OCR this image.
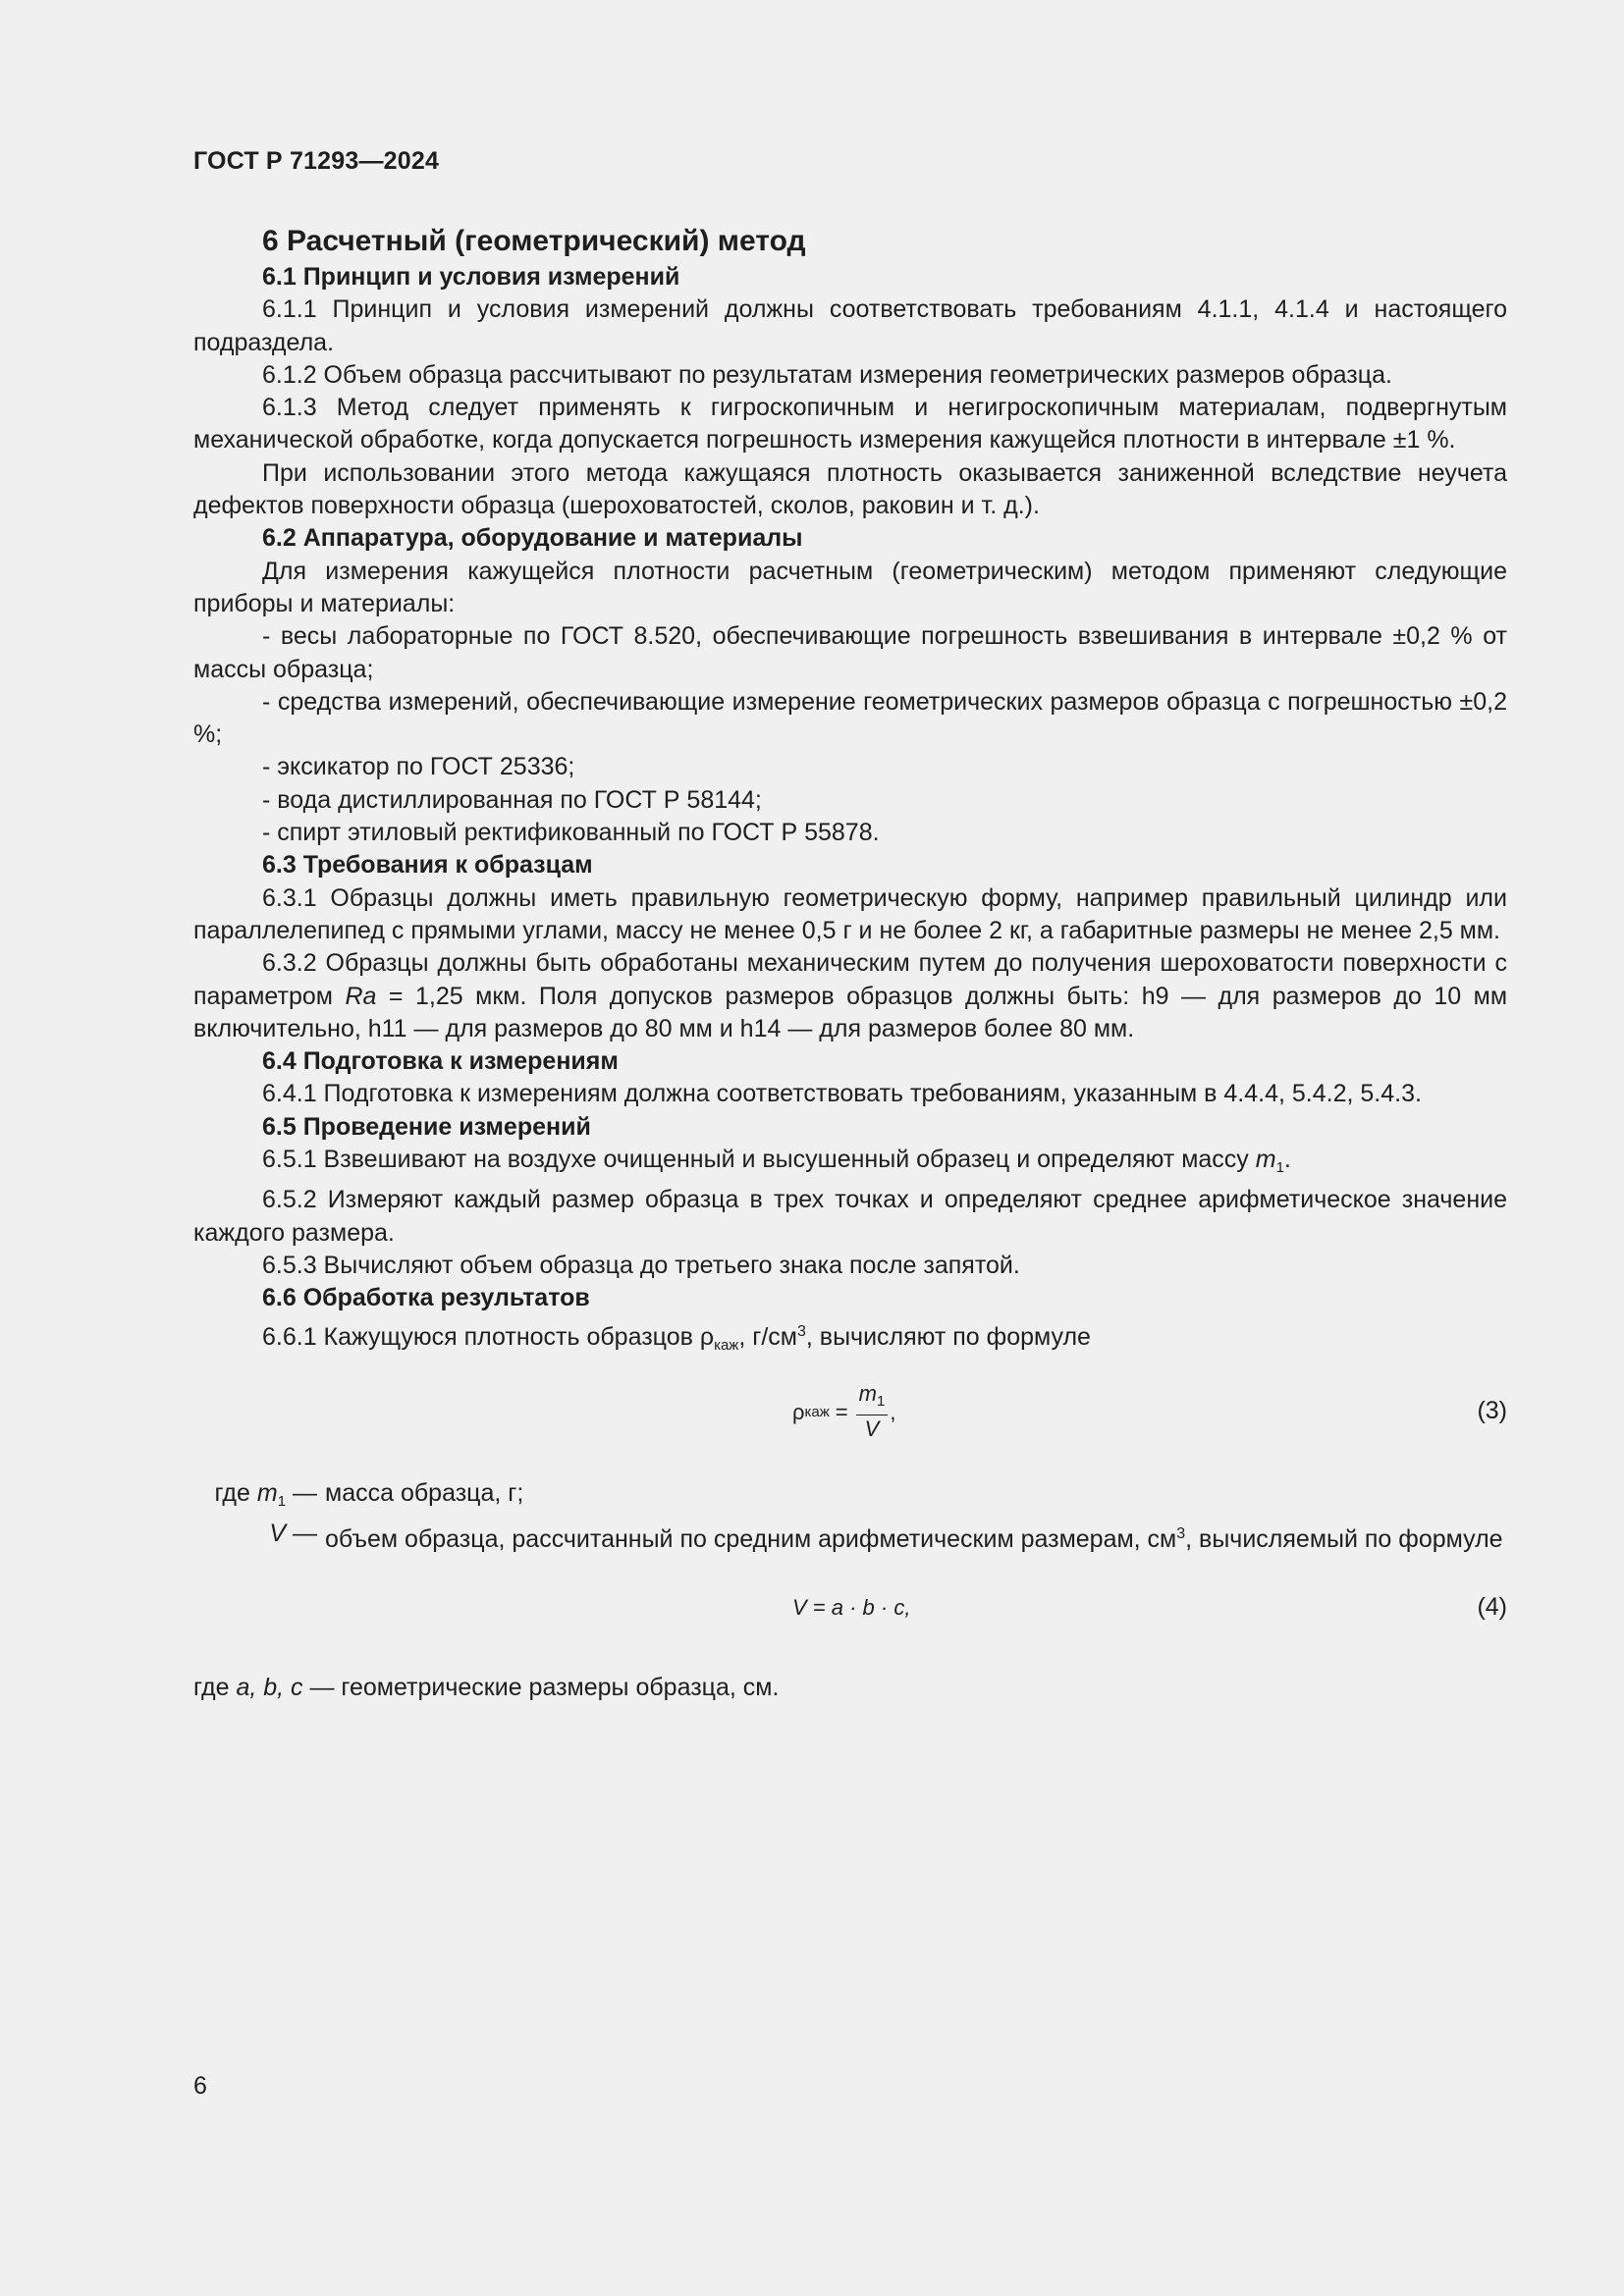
ГОСТ Р 71293—2024

6 Расчетный (геометрический) метод

6.1 Принцип и условия измерений

6.1.1 Принцип и условия измерений должны соответствовать требованиям 4.1.1, 4.1.4 и настоящего подраздела.

6.1.2 Объем образца рассчитывают по результатам измерения геометрических размеров образца.

6.1.3 Метод следует применять к гигроскопичным и негигроскопичным материалам, подвергнутым механической обработке, когда допускается погрешность измерения кажущейся плотности в интервале ±1 %.

При использовании этого метода кажущаяся плотность оказывается заниженной вследствие неучета дефектов поверхности образца (шероховатостей, сколов, раковин и т. д.).

6.2 Аппаратура, оборудование и материалы

Для измерения кажущейся плотности расчетным (геометрическим) методом применяют следующие приборы и материалы:

- весы лабораторные по ГОСТ 8.520, обеспечивающие погрешность взвешивания в интервале ±0,2 % от массы образца;

- средства измерений, обеспечивающие измерение геометрических размеров образца с погрешностью ±0,2 %;

- эксикатор по ГОСТ 25336;

- вода дистиллированная по ГОСТ Р 58144;

- спирт этиловый ректификованный по ГОСТ Р 55878.

6.3 Требования к образцам

6.3.1 Образцы должны иметь правильную геометрическую форму, например правильный цилиндр или параллелепипед с прямыми углами, массу не менее 0,5 г и не более 2 кг, а габаритные размеры не менее 2,5 мм.

6.3.2 Образцы должны быть обработаны механическим путем до получения шероховатости поверхности с параметром Ra = 1,25 мкм. Поля допусков размеров образцов должны быть: h9 — для размеров до 10 мм включительно, h11 — для размеров до 80 мм и h14 — для размеров более 80 мм.

6.4 Подготовка к измерениям

6.4.1 Подготовка к измерениям должна соответствовать требованиям, указанным в 4.4.4, 5.4.2, 5.4.3.

6.5 Проведение измерений

6.5.1 Взвешивают на воздухе очищенный и высушенный образец и определяют массу $m_1$.

6.5.2 Измеряют каждый размер образца в трех точках и определяют среднее арифметическое значение каждого размера.

6.5.3 Вычисляют объем образца до третьего знака после запятой.

6.6 Обработка результатов

6.6.1 Кажущуюся плотность образцов $\rho_{каж}$, $г/см^3$, вычисляют по формуле

ρ каж = $\frac{m_1}{V}$ ,	(3)
где $m_1$ — масса образца, г;
V — объем образца, рассчитанный по средним арифметическим размерам, $см^3$, вычисляемый по формуле
V = a · b · c,	(4)

где a, b, c — геометрические размеры образца, см.

6
